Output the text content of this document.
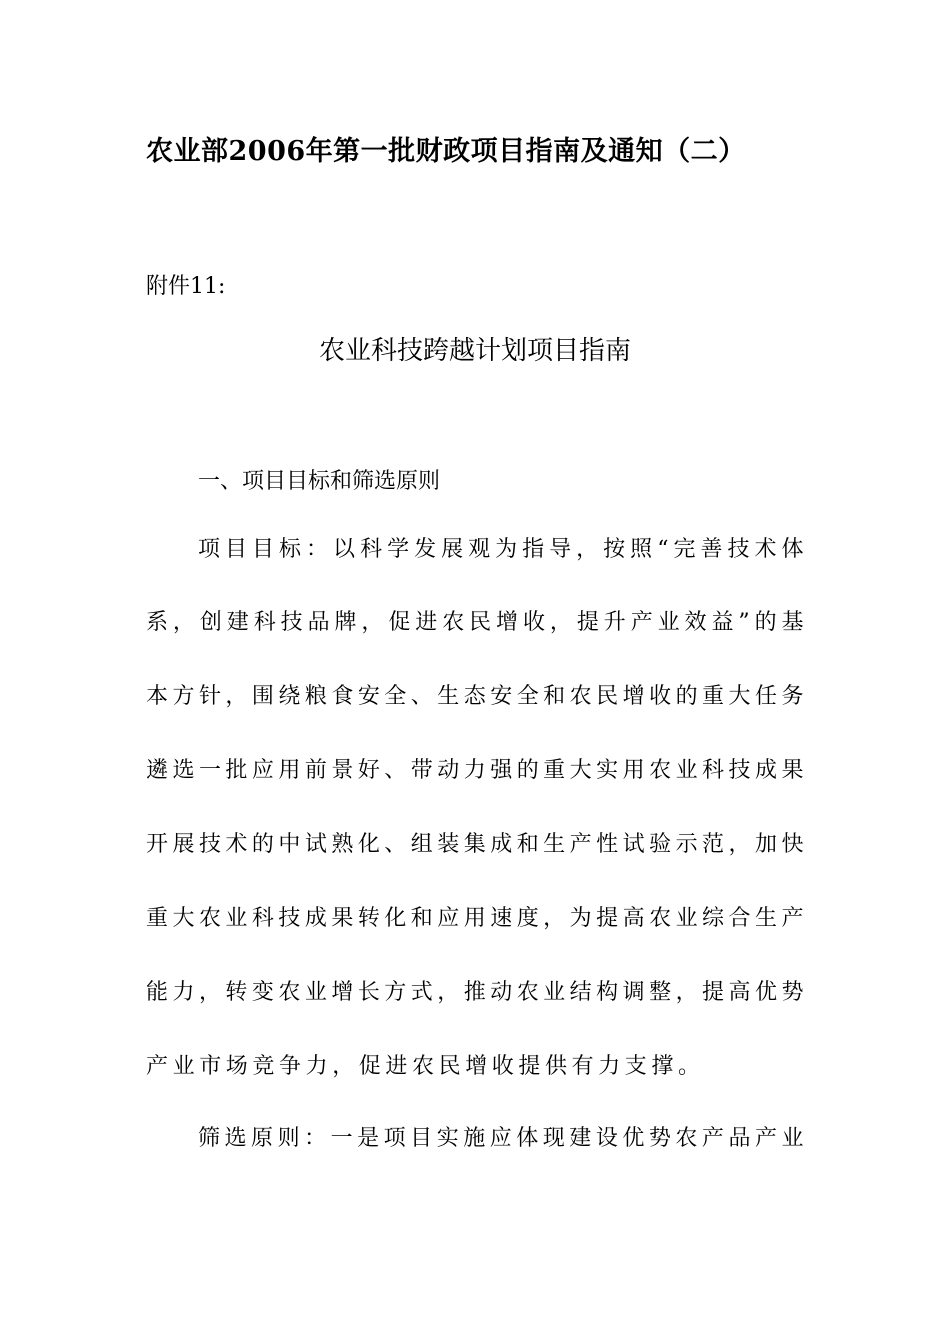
农业部2006年第一批财政项目指南及通知（二）
附件11:
农业科技跨越计划项目指南
一、项目目标和筛选原则
项目目标：以科学发展观为指导，按照“完善技术体
系，创建科技品牌，促进农民增收，提升产业效益”的基
本方针，围绕粮食安全、生态安全和农民增收的重大任务
遴选一批应用前景好、带动力强的重大实用农业科技成果
开展技术的中试熟化、组装集成和生产性试验示范，加快
重大农业科技成果转化和应用速度，为提高农业综合生产
能力，转变农业增长方式，推动农业结构调整，提高优势
产业市场竞争力，促进农民增收提供有力支撑。
筛选原则：一是项目实施应体现建设优势农产品产业
